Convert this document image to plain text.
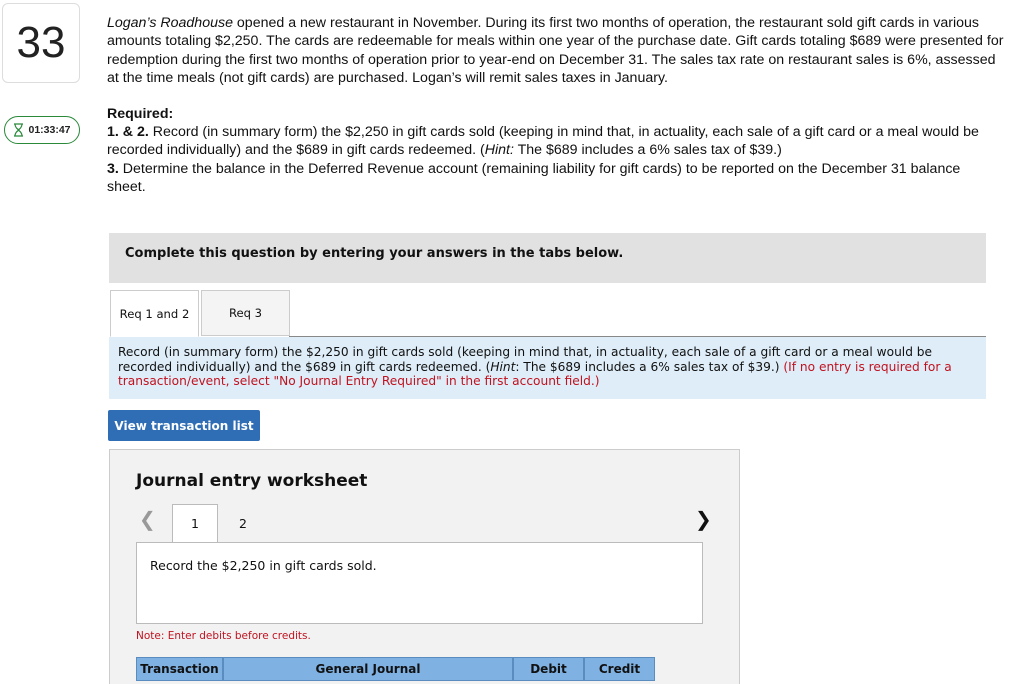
33
01:33:47
Logan’s Roadhouse opened a new restaurant in November. During its first two months of operation, the restaurant sold gift cards in various amounts totaling $2,250. The cards are redeemable for meals within one year of the purchase date. Gift cards totaling $689 were presented for redemption during the first two months of operation prior to year-end on December 31. The sales tax rate on restaurant sales is 6%, assessed at the time meals (not gift cards) are purchased. Logan’s will remit sales taxes in January.
Required:
1. & 2. Record (in summary form) the $2,250 in gift cards sold (keeping in mind that, in actuality, each sale of a gift card or a meal would be recorded individually) and the $689 in gift cards redeemed. (Hint: The $689 includes a 6% sales tax of $39.)
3. Determine the balance in the Deferred Revenue account (remaining liability for gift cards) to be reported on the December 31 balance sheet.
Complete this question by entering your answers in the tabs below.
Req 1 and 2	Req 3
Record (in summary form) the $2,250 in gift cards sold (keeping in mind that, in actuality, each sale of a gift card or a meal would be recorded individually) and the $689 in gift cards redeemed. (Hint: The $689 includes a 6% sales tax of $39.) (If no entry is required for a transaction/event, select "No Journal Entry Required" in the first account field.)
View transaction list
Journal entry worksheet
❮	1	2	❯
Record the $2,250 in gift cards sold.
Note: Enter debits before credits.
Transaction	General Journal	Debit	Credit
